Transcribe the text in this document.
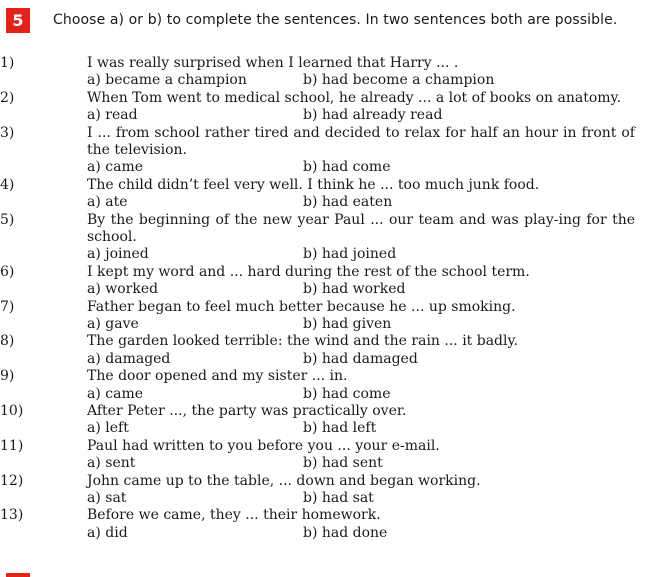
5	Choose a) or b) to complete the sentences. In two sentences both are possible.
1)	I was really surprised when I learned that Harry ... .
a) became a champion	b) had become a champion
2)	When Tom went to medical school, he already ... a lot of books on anatomy.
a) read	b) had already read
3)	I ... from school rather tired and decided to relax for half an hour in front of the television.
a) came	b) had come
4)	The child didn’t feel very well. I think he ... too much junk food.
a) ate	b) had eaten
5)	By the beginning of the new year Paul ... our team and was play-ing for the school.
a) joined	b) had joined
6)	I kept my word and ... hard during the rest of the school term.
a) worked	b) had worked
7)	Father began to feel much better because he ... up smoking.
a) gave	b) had given
8)	The garden looked terrible: the wind and the rain ... it badly.
a) damaged	b) had damaged
9)	The door opened and my sister ... in.
a) came	b) had come
10)	After Peter ..., the party was practically over.
a) left	b) had left
11)	Paul had written to you before you ... your e-mail.
a) sent	b) had sent
12)	John came up to the table, ... down and began working.
a) sat	b) had sat
13)	Before we came, they ... their homework.
a) did	b) had done
